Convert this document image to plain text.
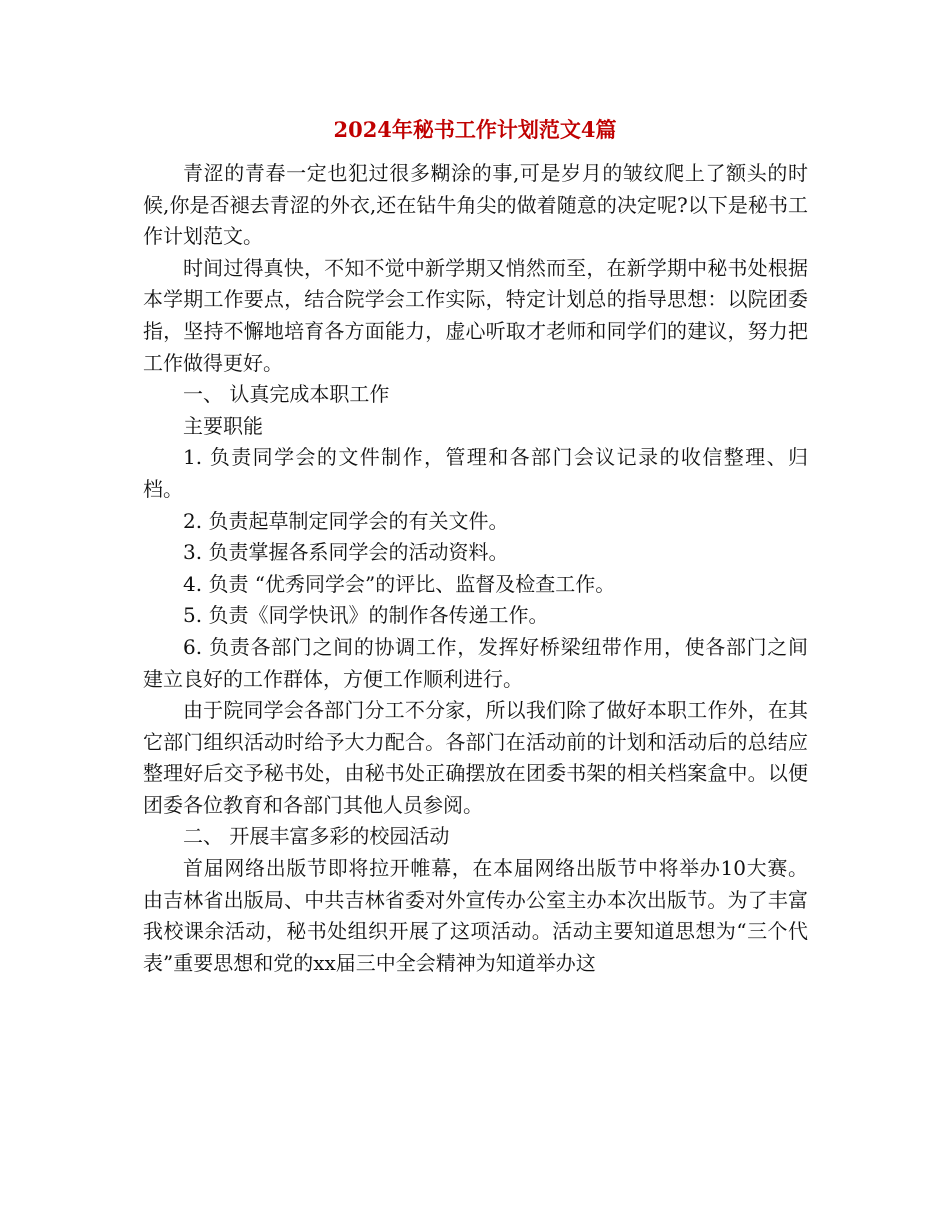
2024年秘书工作计划范文4篇

青涩的青春一定也犯过很多糊涂的事,可是岁月的皱纹爬上了额头的时候,你是否褪去青涩的外衣,还在钻牛角尖的做着随意的决定呢?以下是秘书工作计划范文。

时间过得真快，不知不觉中新学期又悄然而至，在新学期中秘书处根据本学期工作要点，结合院学会工作实际，特定计划总的指导思想：以院团委指，坚持不懈地培育各方面能力，虚心听取才老师和同学们的建议，努力把工作做得更好。

一、 认真完成本职工作

主要职能

1. 负责同学会的文件制作，管理和各部门会议记录的收信整理、归档。

2. 负责起草制定同学会的有关文件。

3. 负责掌握各系同学会的活动资料。

4. 负责 “优秀同学会”的评比、监督及检查工作。

5. 负责《同学快讯》的制作各传递工作。

6. 负责各部门之间的协调工作，发挥好桥梁纽带作用，使各部门之间建立良好的工作群体，方便工作顺利进行。

由于院同学会各部门分工不分家，所以我们除了做好本职工作外，在其它部门组织活动时给予大力配合。各部门在活动前的计划和活动后的总结应整理好后交予秘书处，由秘书处正确摆放在团委书架的相关档案盒中。以便团委各位教育和各部门其他人员参阅。

二、 开展丰富多彩的校园活动

首届网络出版节即将拉开帷幕，在本届网络出版节中将举办10大赛。由吉林省出版局、中共吉林省委对外宣传办公室主办本次出版节。为了丰富我校课余活动，秘书处组织开展了这项活动。活动主要知道思想为“三个代表”重要思想和党的xx届三中全会精神为知道举办这
